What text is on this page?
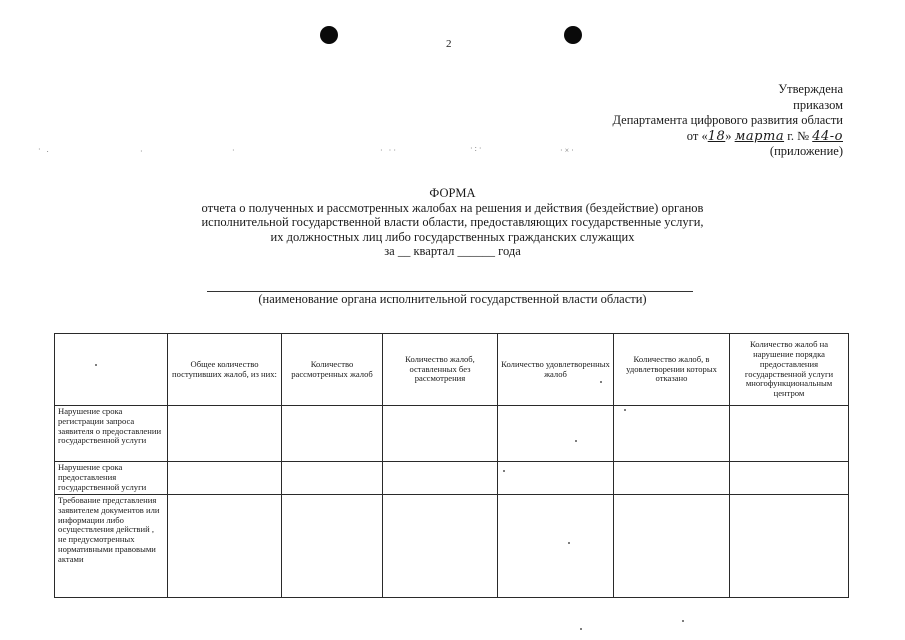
2
Утверждена
приказом
Департамента цифрового развития области
от «18» марта г. № 44-о
(приложение)
· .	·	·	· ··	·:·	·×·
ФОРМА
отчета о полученных и рассмотренных жалобах на решения и действия (бездействие) органов
исполнительной государственной власти области, предоставляющих государственные услуги,
их должностных лиц либо государственных гражданских служащих
за __ квартал ______ года
(наименование органа исполнительной государственной власти области)
	Общее количество поступивших жалоб, из них:	Количество рассмотренных жалоб	Количество жалоб, оставленных без рассмотрения	Количество удовлетворенных жалоб	Количество жалоб, в удовлетворении которых отказано	Количество жалоб на нарушение порядка предоставления государственной услуги многофункциональным центром
Нарушение срока регистрации запроса заявителя о предоставлении государственной услуги						
Нарушение срока предоставления государственной услуги						
Требование представления заявителем документов или информации либо осуществления действий , не предусмотренных нормативными правовыми актами						
